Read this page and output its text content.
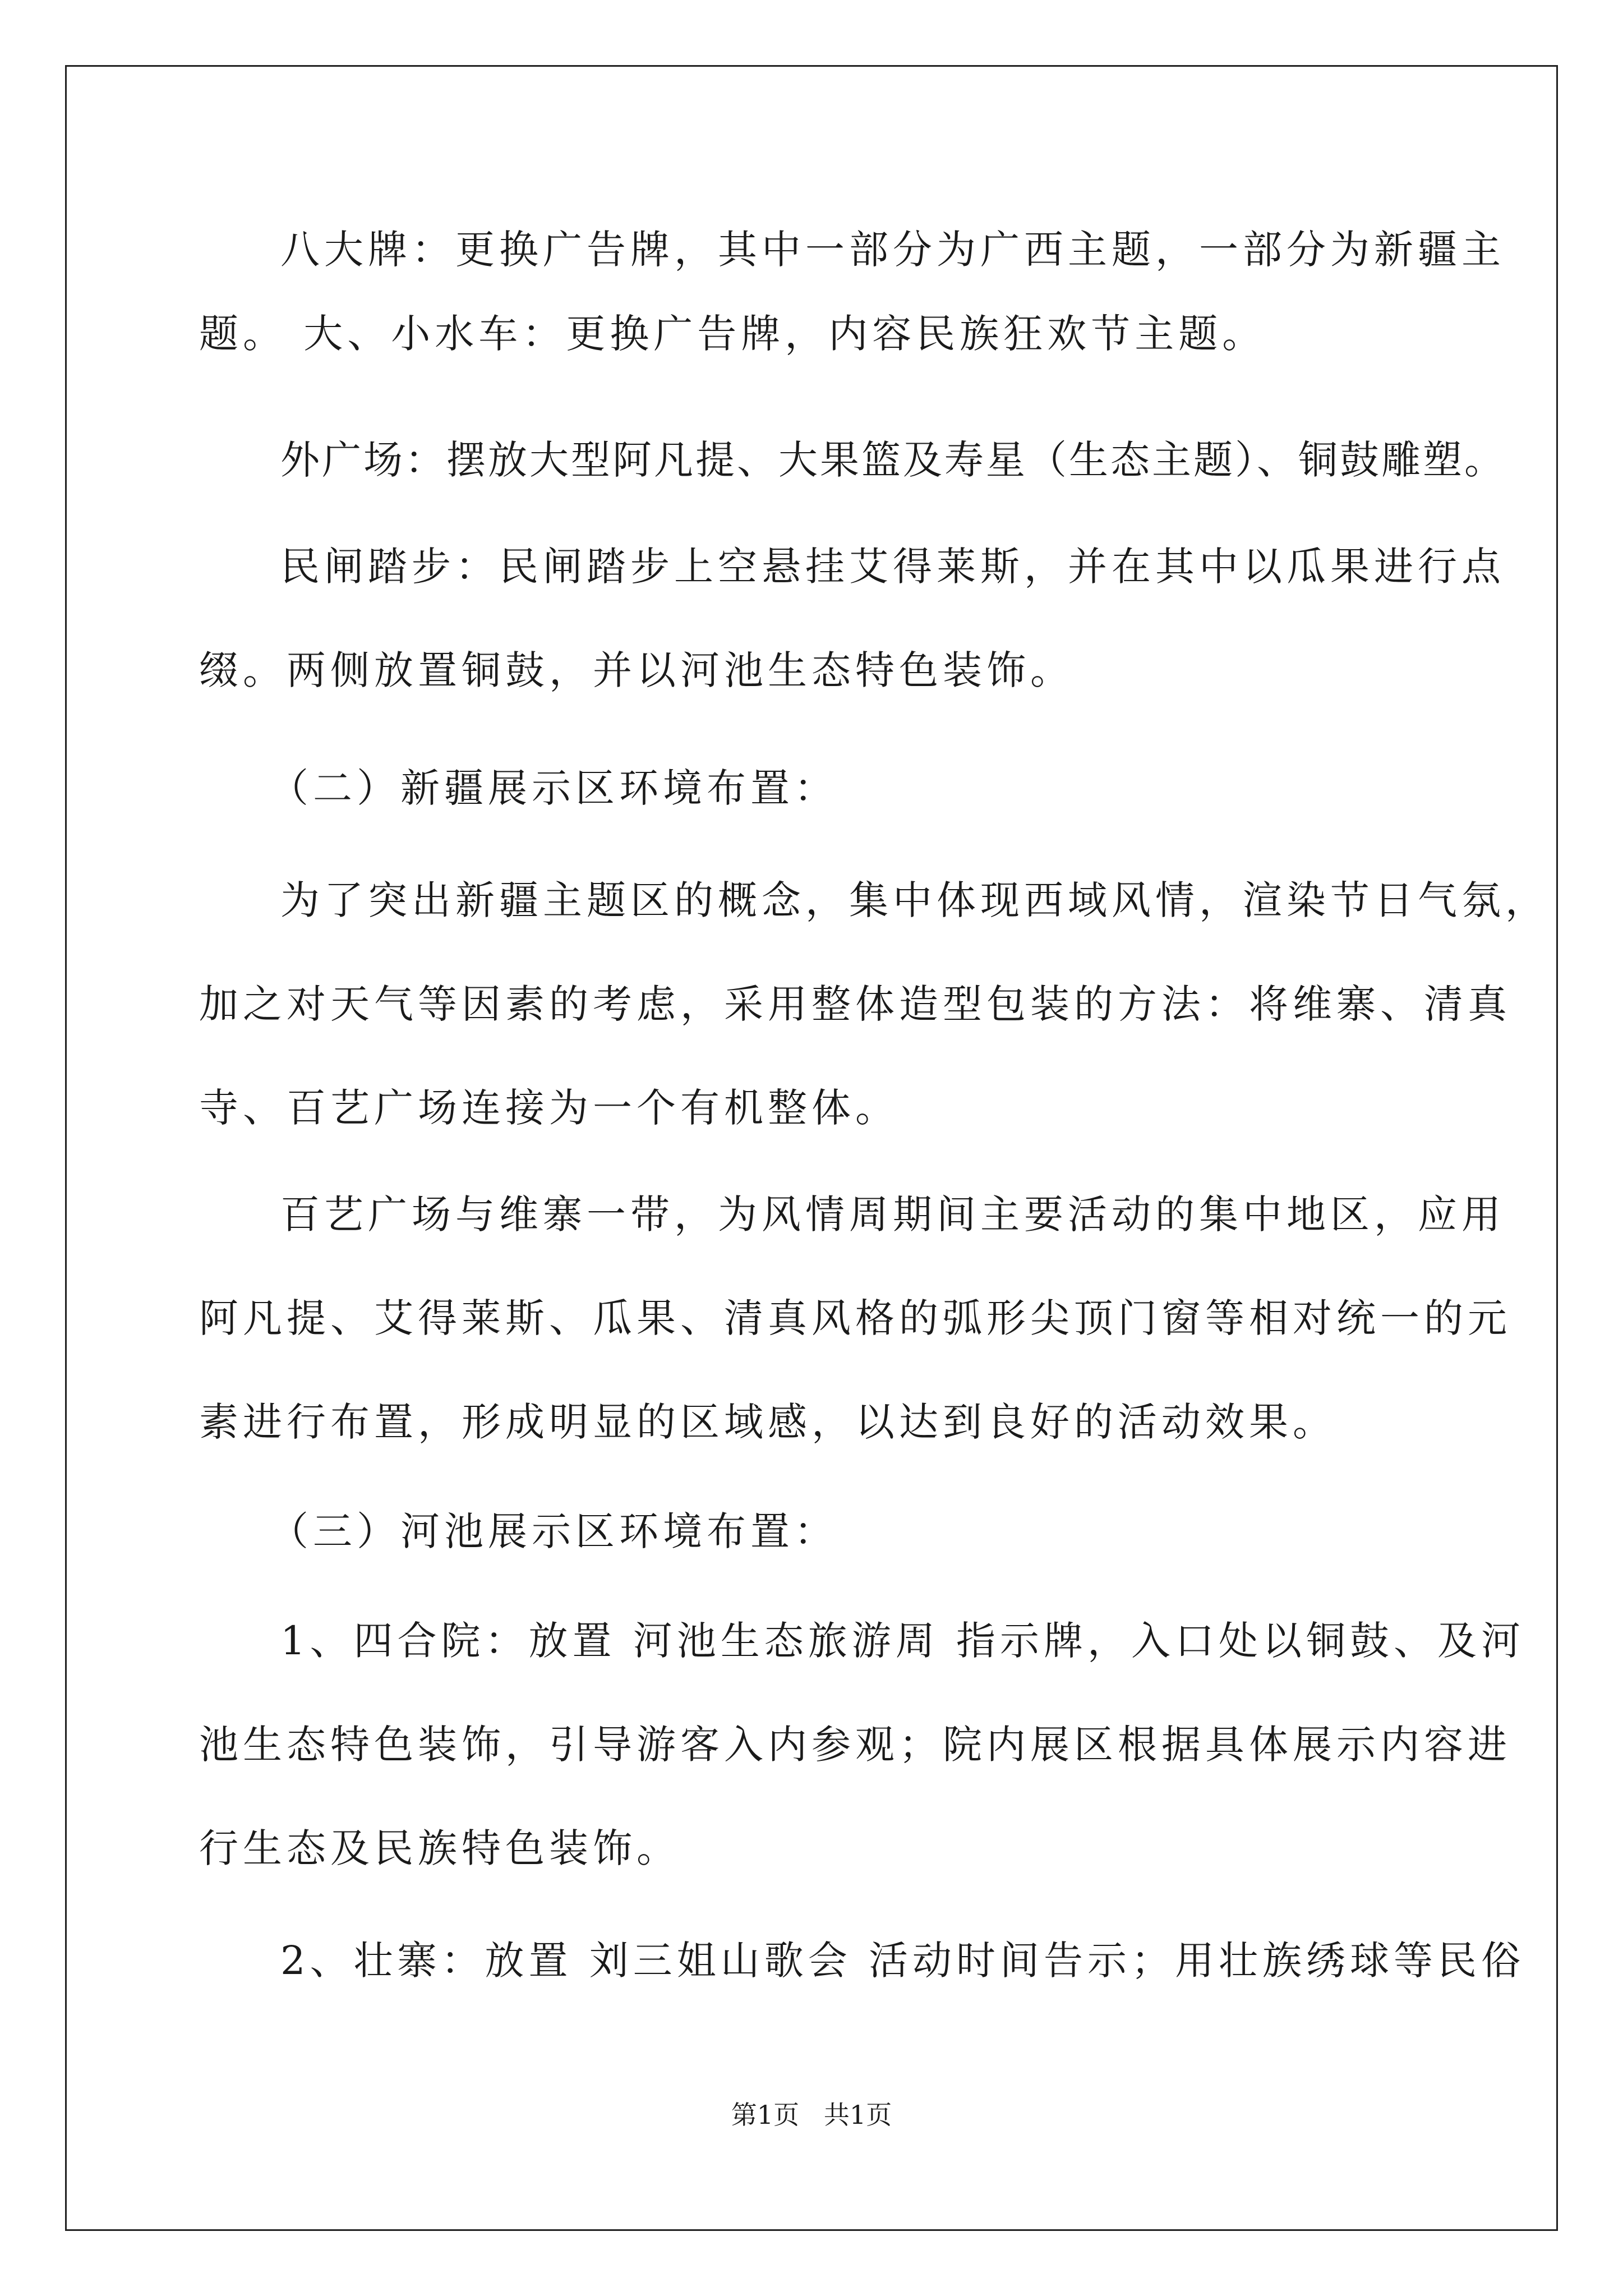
八大牌：更换广告牌，其中一部分为广西主题，一部分为新疆主
题。 大、小水车：更换广告牌，内容民族狂欢节主题。
外广场：摆放大型阿凡提、大果篮及寿星（生态主题）、铜鼓雕塑。
民闸踏步：民闸踏步上空悬挂艾得莱斯，并在其中以瓜果进行点
缀。两侧放置铜鼓，并以河池生态特色装饰。
（二）新疆展示区环境布置：
为了突出新疆主题区的概念，集中体现西域风情，渲染节日气氛，
加之对天气等因素的考虑，采用整体造型包装的方法：将维寨、清真
寺、百艺广场连接为一个有机整体。
百艺广场与维寨一带，为风情周期间主要活动的集中地区，应用
阿凡提、艾得莱斯、瓜果、清真风格的弧形尖顶门窗等相对统一的元
素进行布置，形成明显的区域感，以达到良好的活动效果。
（三）河池展示区环境布置：
1、四合院：放置 河池生态旅游周 指示牌，入口处以铜鼓、及河
池生态特色装饰，引导游客入内参观；院内展区根据具体展示内容进
行生态及民族特色装饰。
2、壮寨：放置 刘三姐山歌会 活动时间告示；用壮族绣球等民俗
第1页   共1页
